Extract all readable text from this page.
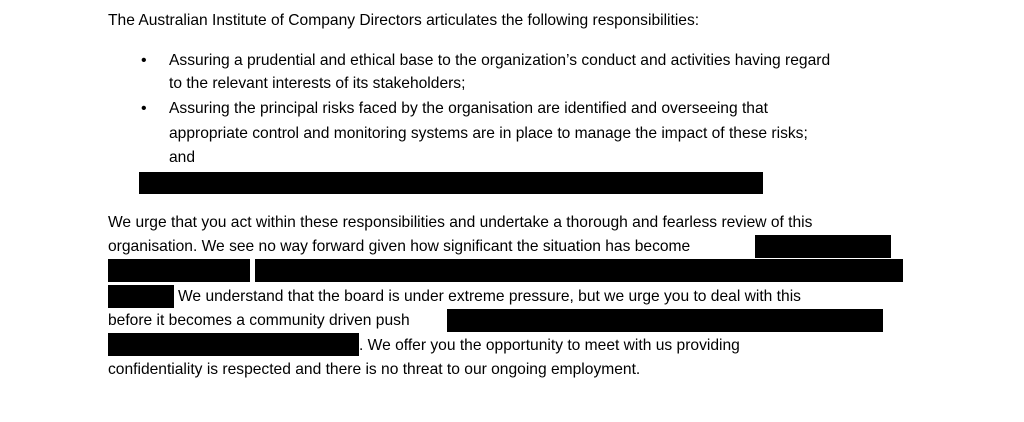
The Australian Institute of Company Directors articulates the following responsibilities:
• Assuring a prudential and ethical base to the organization’s conduct and activities having regard
to the relevant interests of its stakeholders;
• Assuring the principal risks faced by the organisation are identified and overseeing that
appropriate control and monitoring systems are in place to manage the impact of these risks;
and
We urge that you act within these responsibilities and undertake a thorough and fearless review of this
organisation. We see no way forward given how significant the situation has become
We understand that the board is under extreme pressure, but we urge you to deal with this
before it becomes a community driven push
. We offer you the opportunity to meet with us providing
confidentiality is respected and there is no threat to our ongoing employment.
